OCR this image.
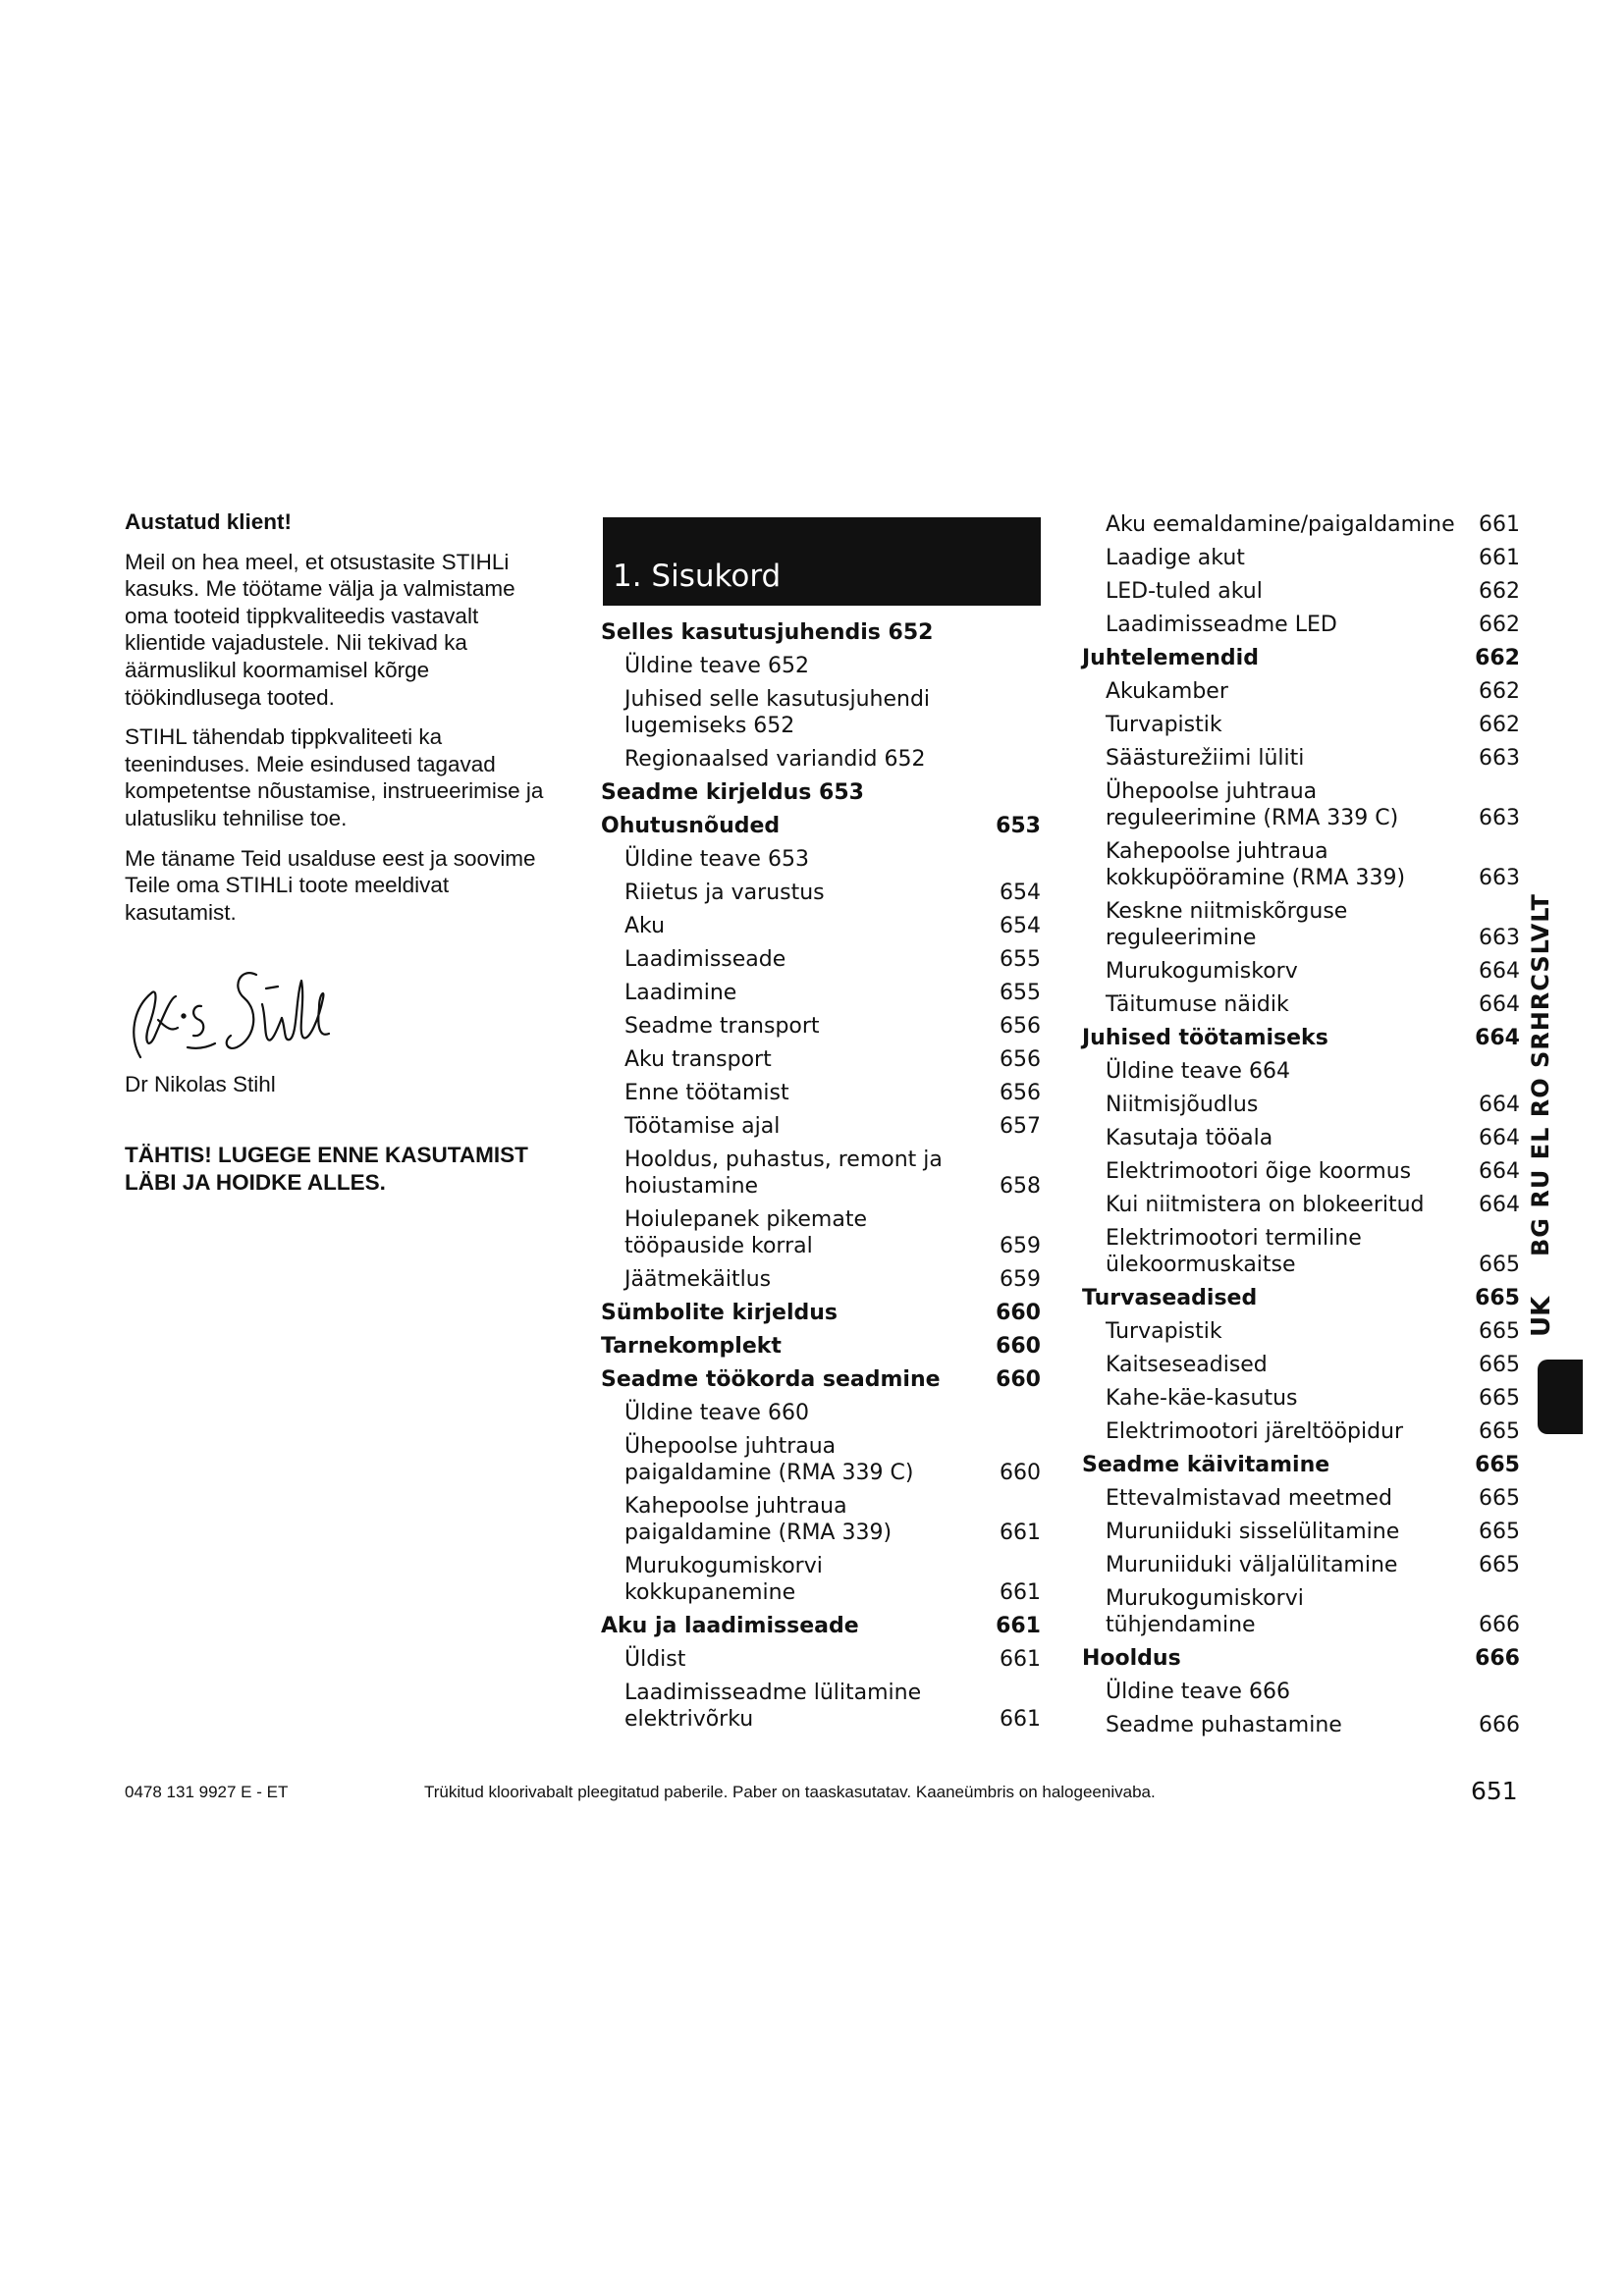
Austatud klient!

Meil on hea meel, et otsustasite STIHLi kasuks. Me töötame välja ja valmistame oma tooteid tippkvaliteedis vastavalt klientide vajadustele. Nii tekivad ka äärmuslikul koormamisel kõrge töökindlusega tooted.

STIHL tähendab tippkvaliteeti ka teeninduses. Meie esindused tagavad kompetentse nõustamise, instrueerimise ja ulatusliku tehnilise toe.

Me täname Teid usalduse eest ja soovime Teile oma STIHLi toote meeldivat kasutamist.

Dr Nikolas Stihl

TÄHTIS! LUGEGE ENNE KASUTAMIST LÄBI JA HOIDKE ALLES.

1. Sisukord
Selles kasutusjuhendis 652
Üldine teave 652
Juhised selle kasutusjuhendi lugemiseks 652
Regionaalsed variandid 652
Seadme kirjeldus 653
Ohutusnõuded	653
Üldine teave 653
Riietus ja varustus	654
Aku	654
Laadimisseade	655
Laadimine	655
Seadme transport	656
Aku transport	656
Enne töötamist	656
Töötamise ajal	657
Hooldus, puhastus, remont ja hoiustamine	658
Hoiulepanek pikemate tööpauside korral	659
Jäätmekäitlus	659
Sümbolite kirjeldus	660
Tarnekomplekt	660
Seadme töökorda seadmine	660
Üldine teave 660
Ühepoolse juhtraua paigaldamine (RMA 339 C)	660
Kahepoolse juhtraua paigaldamine (RMA 339)	661
Murukogumiskorvi kokkupanemine	661
Aku ja laadimisseade	661
Üldist	661
Laadimisseadme lülitamine elektrivõrku	661
Aku eemaldamine/paigaldamine	661
Laadige akut	661
LED-tuled akul	662
Laadimisseadme LED	662
Juhtelemendid	662
Akukamber	662
Turvapistik	662
Säästurežiimi lüliti	663
Ühepoolse juhtraua reguleerimine (RMA 339 C)	663
Kahepoolse juhtraua kokkupööramine (RMA 339)	663
Keskne niitmiskõrguse reguleerimine	663
Murukogumiskorv	664
Täitumuse näidik	664
Juhised töötamiseks	664
Üldine teave 664
Niitmisjõudlus	664
Kasutaja tööala	664
Elektrimootori õige koormus	664
Kui niitmistera on blokeeritud	664
Elektrimootori termiline ülekoormuskaitse	665
Turvaseadised	665
Turvapistik	665
Kaitseseadised	665
Kahe-käe-kasutus	665
Elektrimootori järeltööpidur	665
Seadme käivitamine	665
Ettevalmistavad meetmed	665
Muruniiduki sisselülitamine	665
Muruniiduki väljalülitamine	665
Murukogumiskorvi tühjendamine	666
Hooldus	666
Üldine teave 666
Seadme puhastamine	666
BG RU EL RO SRHRCSLVLT
UK
0478 131 9927 E - ET	Trükitud kloorivabalt pleegitatud paberile. Paber on taaskasutatav. Kaaneümbris on halogeenivaba.	651
